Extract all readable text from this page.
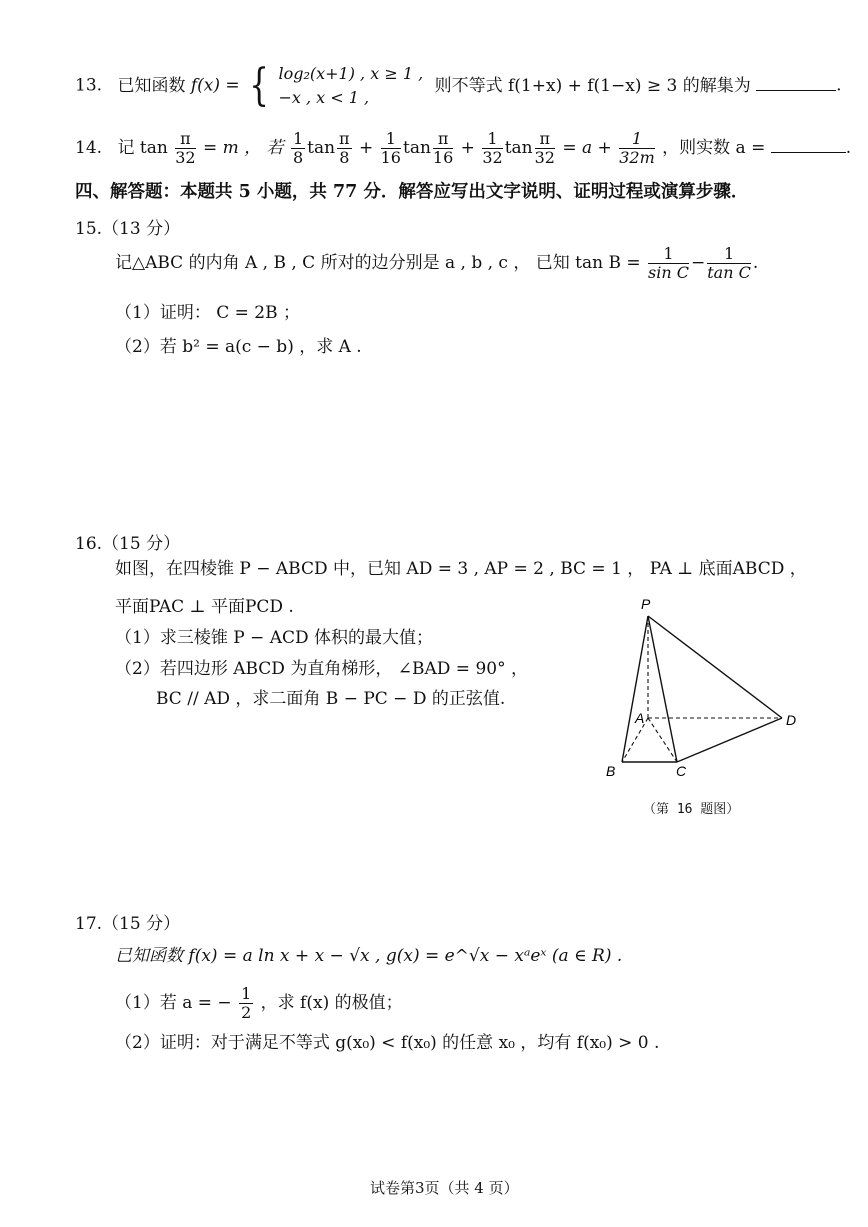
13. 已知函数 f(x) = { log₂(x+1) , x ≥ 1 ,
−x , x < 1 ,
则不等式 f(1+x) + f(1−x) ≥ 3 的解集为	.
14. 记 $\tan \frac{\pi}{32} = m$ ， 若 $\frac{1}{8}$ $\tan \frac{\pi}{8} + \frac{1}{16}$ $\tan \frac{\pi}{16} + \frac{1}{32}$ $\tan \frac{\pi}{32} = a + \frac{1}{32m}$ ，则实数 a =	.
四、解答题：本题共 5 小题，共 77 分．解答应写出文字说明、证明过程或演算步骤．
15.（13 分）
记△ABC 的内角 A , B , C 所对的边分别是 a , b , c ， 已知 $\tan B = \frac{1}{\text{sin C}} - \frac{1}{\text{tan C}}$ .
（1）证明： C = 2B ；
（2）若 b² = a(c − b) ，求 A .
16.（15 分）
如图，在四棱锥 P − ABCD 中，已知 AD = 3 , AP = 2 , BC = 1 ， PA ⊥ 底面ABCD ，
平面PAC ⊥ 平面PCD .
（1）求三棱锥 P − ACD 体积的最大值；
（2）若四边形 ABCD 为直角梯形， ∠BAD = 90° ，
BC // AD ，求二面角 B − PC − D 的正弦值.
P
A
B	C
D
（第 16 题图）
17.（15 分）
已知函数 f(x) = a ln x + x − √x , g(x) = e^√x − xᵃeˣ (a ∈ R) .
（1）若 a = − $\frac{1}{2}$ ，求 f(x) 的极值；
（2）证明：对于满足不等式 g(x₀) < f(x₀) 的任意 x₀ ，均有 f(x₀) > 0 .
试卷第3页（共 4 页）
